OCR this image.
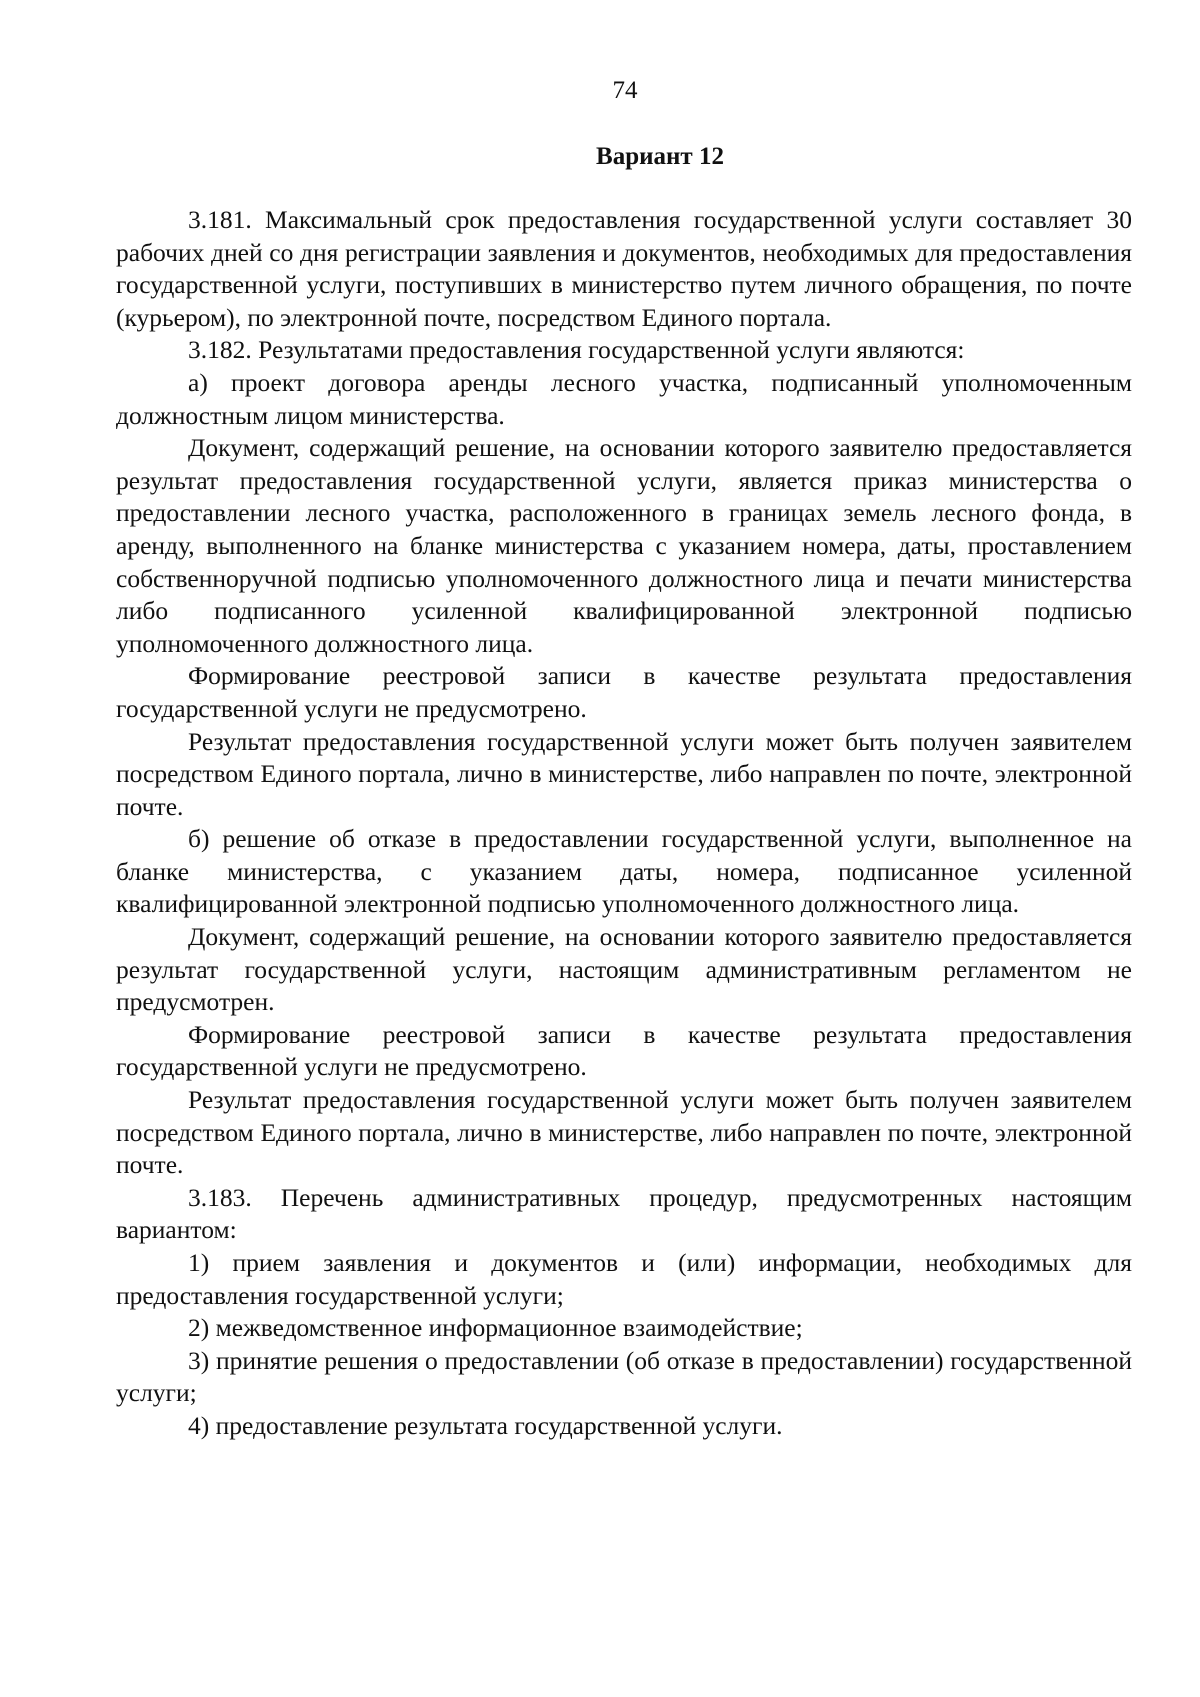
74
Вариант 12

3.181. Максимальный срок предоставления государственной услуги составляет 30 рабочих дней со дня регистрации заявления и документов, необходимых для предоставления государственной услуги, поступивших в министерство путем личного обращения, по почте (курьером), по электронной почте, посредством Единого портала.

3.182. Результатами предоставления государственной услуги являются:

а) проект договора аренды лесного участка, подписанный уполномоченным должностным лицом министерства.

Документ, содержащий решение, на основании которого заявителю предоставляется результат предоставления государственной услуги, является приказ министерства о предоставлении лесного участка, расположенного в границах земель лесного фонда, в аренду, выполненного на бланке министерства с указанием номера, даты, проставлением собственноручной подписью уполномоченного должностного лица и печати министерства либо подписанного усиленной квалифицированной электронной подписью уполномоченного должностного лица.

Формирование реестровой записи в качестве результата предоставления государственной услуги не предусмотрено.

Результат предоставления государственной услуги может быть получен заявителем посредством Единого портала, лично в министерстве, либо направлен по почте, электронной почте.

б) решение об отказе в предоставлении государственной услуги, выполненное на бланке министерства, с указанием даты, номера, подписанное усиленной квалифицированной электронной подписью уполномоченного должностного лица.

Документ, содержащий решение, на основании которого заявителю предоставляется результат государственной услуги, настоящим административным регламентом не предусмотрен.

Формирование реестровой записи в качестве результата предоставления государственной услуги не предусмотрено.

Результат предоставления государственной услуги может быть получен заявителем посредством Единого портала, лично в министерстве, либо направлен по почте, электронной почте.

3.183. Перечень административных процедур, предусмотренных настоящим вариантом:

1) прием заявления и документов и (или) информации, необходимых для предоставления государственной услуги;

2) межведомственное информационное взаимодействие;

3) принятие решения о предоставлении (об отказе в предоставлении) государственной услуги;

4) предоставление результата государственной услуги.
